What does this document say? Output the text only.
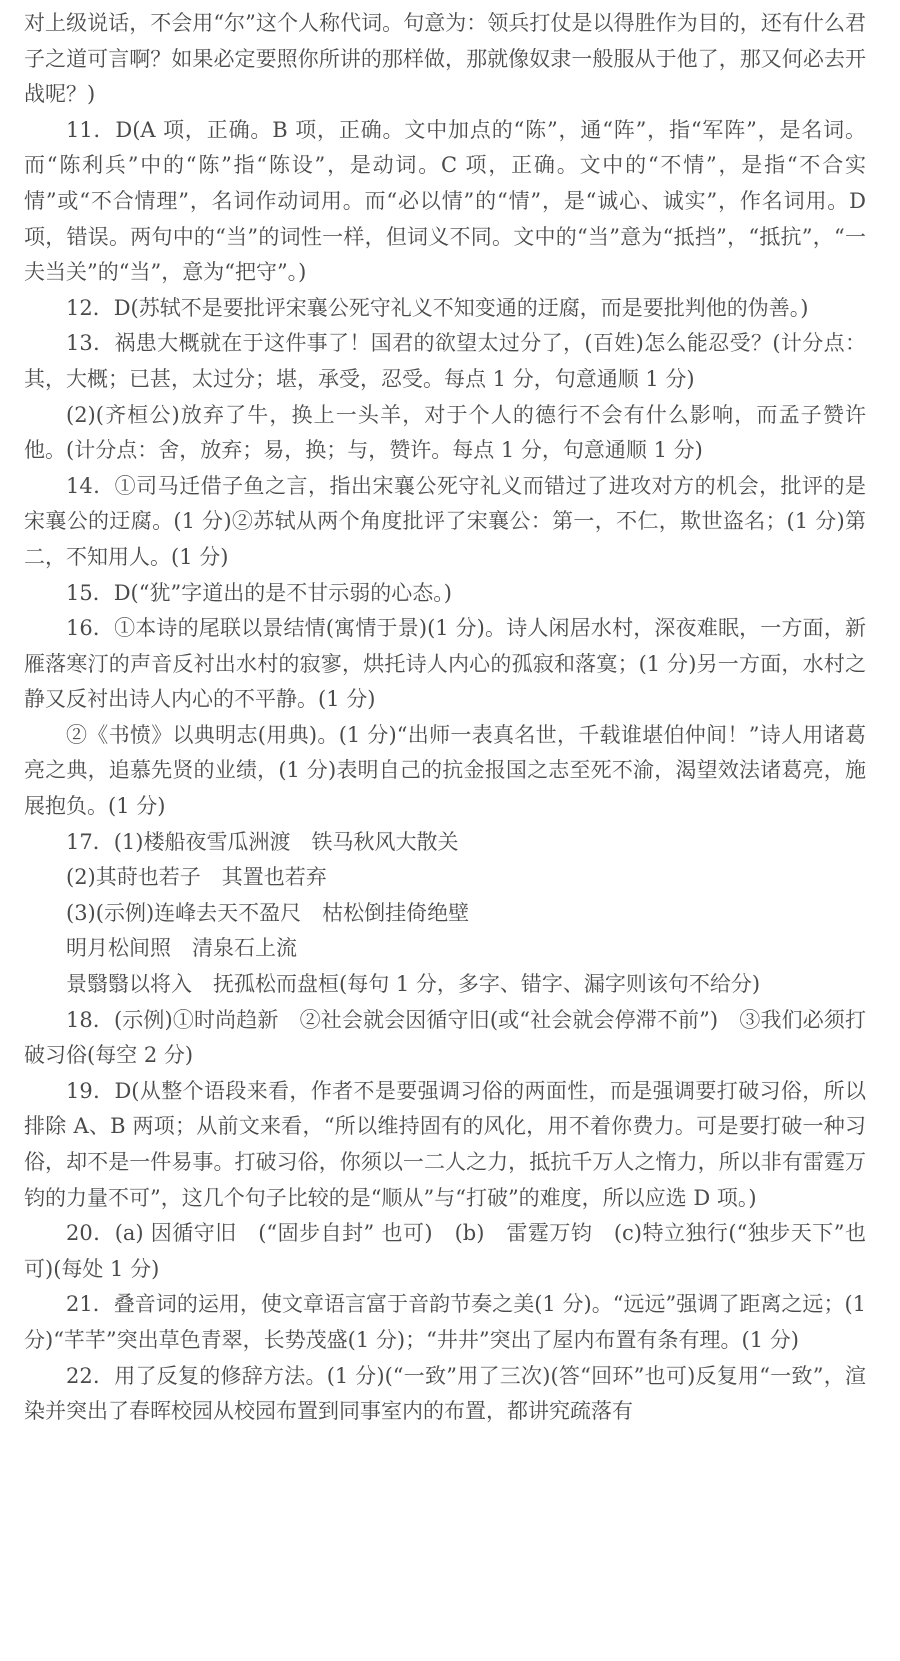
对上级说话，不会用“尔”这个人称代词。句意为：领兵打仗是以得胜作为目的，还有什么君子之道可言啊？如果必定要照你所讲的那样做，那就像奴隶一般服从于他了，那又何必去开战呢？)

11．D(A 项，正确。B 项，正确。文中加点的“陈”，通“阵”，指“军阵”，是名词。而“陈利兵”中的“陈”指“陈设”，是动词。C 项，正确。文中的“不情”，是指“不合实情”或“不合情理”，名词作动词用。而“必以情”的“情”，是“诚心、诚实”，作名词用。D 项，错误。两句中的“当”的词性一样，但词义不同。文中的“当”意为“抵挡”，“抵抗”，“一夫当关”的“当”，意为“把守”。)

12．D(苏轼不是要批评宋襄公死守礼义不知变通的迂腐，而是要批判他的伪善。)

13．祸患大概就在于这件事了！国君的欲望太过分了，(百姓)怎么能忍受？(计分点：其，大概；已甚，太过分；堪，承受，忍受。每点 1 分，句意通顺 1 分)

(2)(齐桓公)放弃了牛，换上一头羊，对于个人的德行不会有什么影响，而孟子赞许他。(计分点：舍，放弃；易，换；与，赞许。每点 1 分，句意通顺 1 分)

14．①司马迁借子鱼之言，指出宋襄公死守礼义而错过了进攻对方的机会，批评的是宋襄公的迂腐。(1 分)②苏轼从两个角度批评了宋襄公：第一，不仁，欺世盗名；(1 分)第二，不知用人。(1 分)

15．D(“犹”字道出的是不甘示弱的心态。)

16．①本诗的尾联以景结情(寓情于景)(1 分)。诗人闲居水村，深夜难眠，一方面，新雁落寒汀的声音反衬出水村的寂寥，烘托诗人内心的孤寂和落寞；(1 分)另一方面，水村之静又反衬出诗人内心的不平静。(1 分)

②《书愤》以典明志(用典)。(1 分)“出师一表真名世，千载谁堪伯仲间！”诗人用诸葛亮之典，追慕先贤的业绩，(1 分)表明自己的抗金报国之志至死不渝，渴望效法诸葛亮，施展抱负。(1 分)

17．(1)楼船夜雪瓜洲渡　铁马秋风大散关

(2)其莳也若子　其置也若弃

(3)(示例)连峰去天不盈尺　枯松倒挂倚绝壁

明月松间照　清泉石上流

景翳翳以将入　抚孤松而盘桓(每句 1 分，多字、错字、漏字则该句不给分)

18．(示例)①时尚趋新　②社会就会因循守旧(或“社会就会停滞不前”)　③我们必须打破习俗(每空 2 分)

19．D(从整个语段来看，作者不是要强调习俗的两面性，而是强调要打破习俗，所以排除 A、B 两项；从前文来看，“所以维持固有的风化，用不着你费力。可是要打破一种习俗，却不是一件易事。打破习俗，你须以一二人之力，抵抗千万人之惰力，所以非有雷霆万钧的力量不可”，这几个句子比较的是“顺从”与“打破”的难度，所以应选 D 项。)

20．(a) 因循守旧　(“固步自封” 也可)　(b)　雷霆万钧　(c)特立独行(“独步天下”也可)(每处 1 分)

21．叠音词的运用，使文章语言富于音韵节奏之美(1 分)。“远远”强调了距离之远；(1 分)“芊芊”突出草色青翠，长势茂盛(1 分)；“井井”突出了屋内布置有条有理。(1 分)

22．用了反复的修辞方法。(1 分)(“一致”用了三次)(答“回环”也可)反复用“一致”，渲染并突出了春晖校园从校园布置到同事室内的布置，都讲究疏落有
